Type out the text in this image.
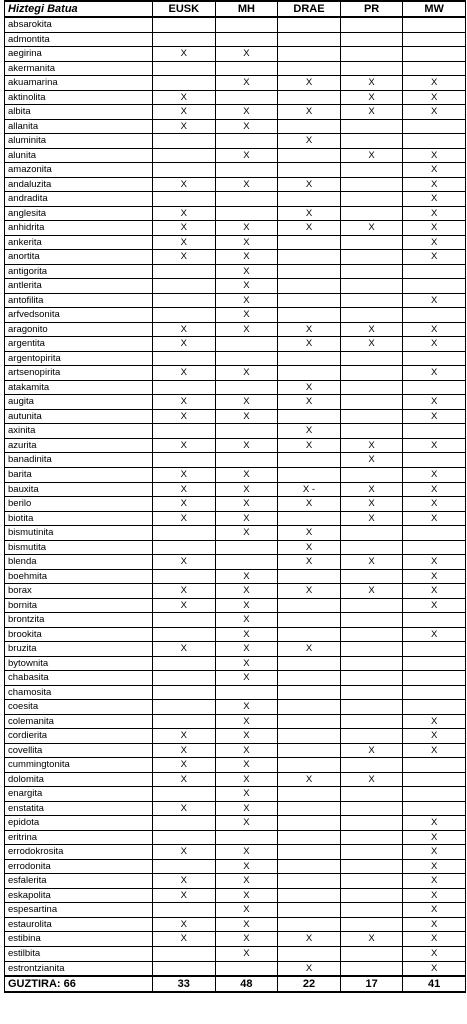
Hiztegi Batua	EUSK	MH	DRAE	PR	MW
absarokita					
admontita					
aegirina	X	X			
akermanita					
akuamarina		X	X	X	X
aktinolita	X			X	X
albita	X	X	X	X	X
allanita	X	X			
aluminita			X		
alunita		X		X	X
amazonita					X
andaluzita	X	X	X		X
andradita					X
anglesita	X		X		X
anhidrita	X	X	X	X	X
ankerita	X	X			X
anortita	X	X			X
antigorita		X			
antlerita		X			
antofilita		X			X
arfvedsonita		X			
aragonito	X	X	X	X	X
argentita	X		X	X	X
argentopirita					
artsenopirita	X	X			X
atakamita			X		
augita	X	X	X		X
autunita	X	X			X
axinita			X		
azurita	X	X	X	X	X
banadinita				X	
barita	X	X			X
bauxita	X	X	X -	X	X
berilo	X	X	X	X	X
biotita	X	X		X	X
bismutinita		X	X		
bismutita			X		
blenda	X		X	X	X
boehmita		X			X
borax	X	X	X	X	X
bornita	X	X			X
brontzita		X			
brookita		X			X
bruzita	X	X	X		
bytownita		X			
chabasita		X			
chamosita					
coesita		X			
colemanita		X			X
cordierita	X	X			X
covellita	X	X		X	X
cummingtonita	X	X			
dolomita	X	X	X	X	
enargita		X			
enstatita	X	X			
epidota		X			X
eritrina					X
errodokrosita	X	X			X
errodonita		X			X
esfalerita	X	X			X
eskapolita	X	X			X
espesartina		X			X
estaurolita	X	X			X
estibina	X	X	X	X	X
estilbita		X			X
estrontzianita			X		X
GUZTIRA: 66	33	48	22	17	41
